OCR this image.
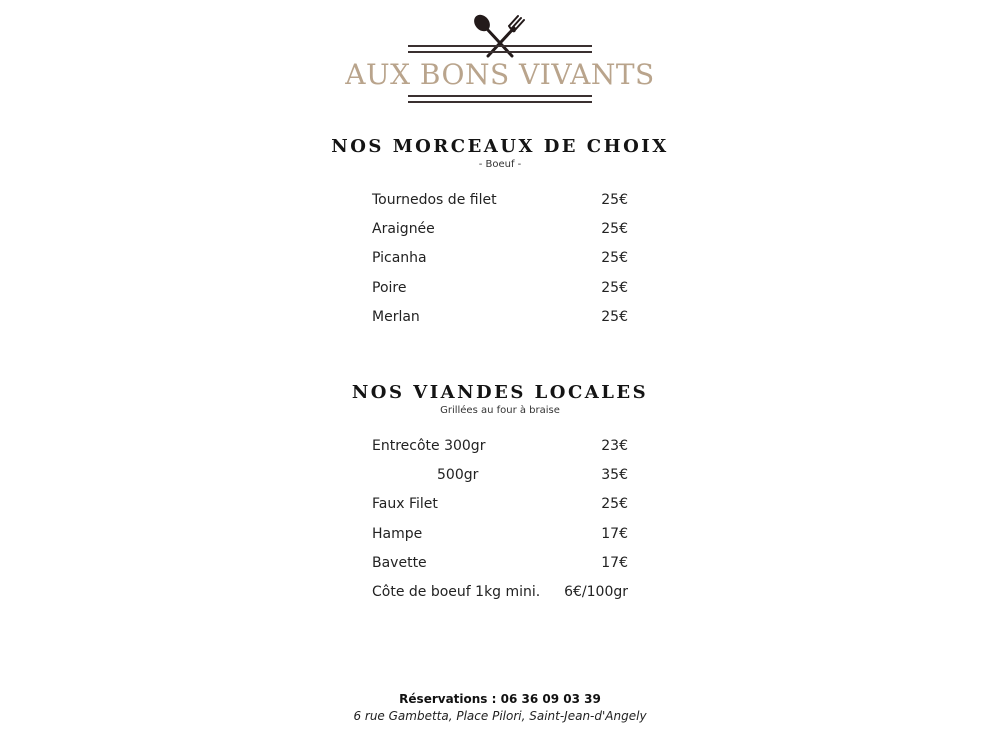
AUX BONS VIVANTS
NOS MORCEAUX DE CHOIX
- Boeuf -
Tournedos de filet	25€
Araignée	25€
Picanha	25€
Poire	25€
Merlan	25€
NOS VIANDES LOCALES
Grillées au four à braise
Entrecôte 300gr	23€
500gr	35€
Faux Filet	25€
Hampe	17€
Bavette	17€
Côte de boeuf 1kg mini. 6€/100gr
Réservations : 06 36 09 03 39
6 rue Gambetta, Place Pilori, Saint-Jean-d'Angely
